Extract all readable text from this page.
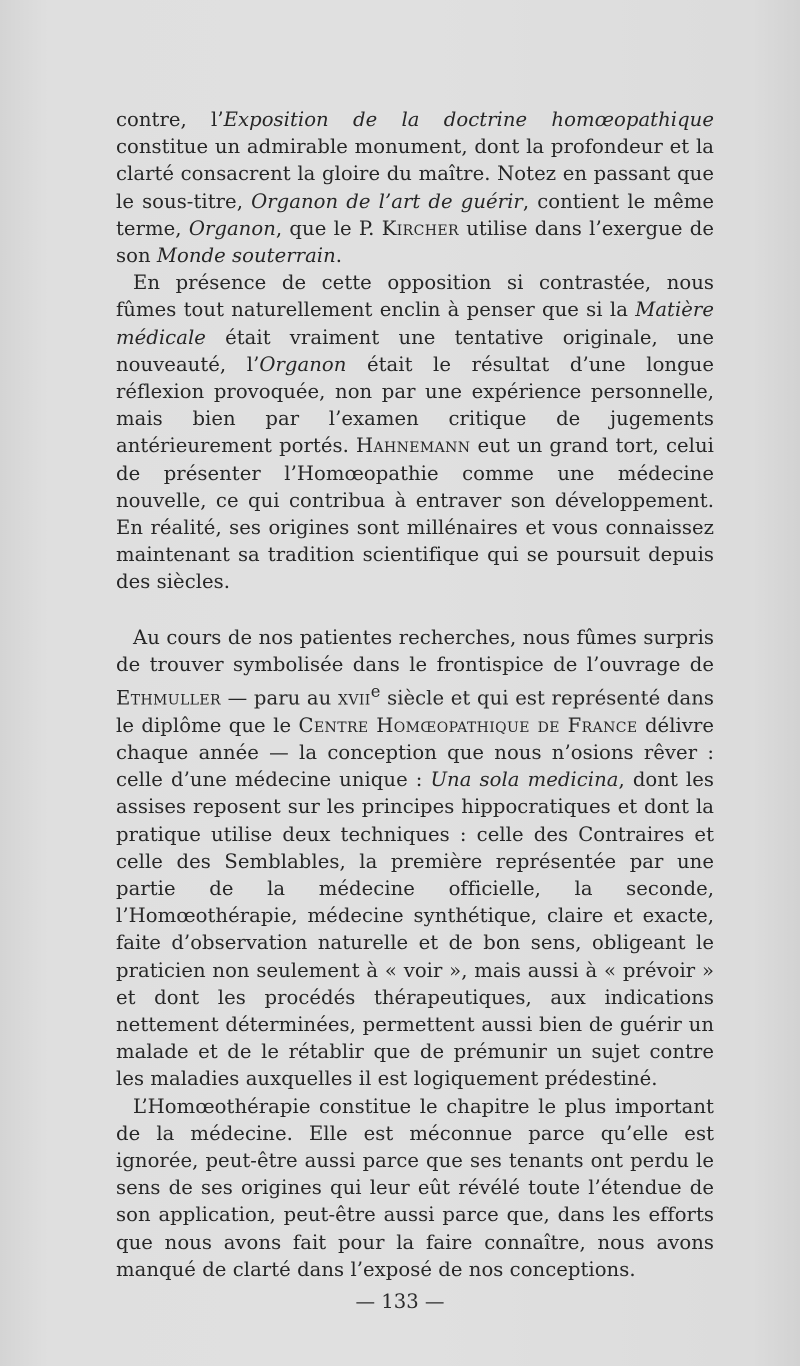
contre, l’Exposition de la doctrine homœopathique constitue un admirable monument, dont la profondeur et la clarté consacrent la gloire du maître. Notez en passant que le sous-titre, Organon de l’art de guérir, contient le même terme, Organon, que le P. Kircher utilise dans l’exergue de son Monde souterrain.

En présence de cette opposition si contrastée, nous fûmes tout naturellement enclin à penser que si la Matière médicale était vraiment une tentative originale, une nouveauté, l’Organon était le résultat d’une longue réflexion provoquée, non par une expérience personnelle, mais bien par l’examen critique de jugements antérieurement portés. Hahnemann eut un grand tort, celui de présenter l’Homœopathie comme une médecine nouvelle, ce qui contribua à entraver son développement. En réalité, ses origines sont millénaires et vous connaissez maintenant sa tradition scientifique qui se poursuit depuis des siècles.

Au cours de nos patientes recherches, nous fûmes surpris de trouver symbolisée dans le frontispice de l’ouvrage de Ethmuller — paru au xvii$^e$ siècle et qui est représenté dans le diplôme que le Centre Homœopathique de France délivre chaque année — la conception que nous n’osions rêver : celle d’une médecine unique : Una sola medicina, dont les assises reposent sur les principes hippocratiques et dont la pratique utilise deux techniques : celle des Contraires et celle des Semblables, la première représentée par une partie de la médecine officielle, la seconde, l’Homœothérapie, médecine synthétique, claire et exacte, faite d’observation naturelle et de bon sens, obligeant le praticien non seulement à « voir », mais aussi à « prévoir » et dont les procédés thérapeutiques, aux indications nettement déterminées, permettent aussi bien de guérir un malade et de le rétablir que de prémunir un sujet contre les maladies auxquelles il est logiquement prédestiné.

L’Homœothérapie constitue le chapitre le plus important de la médecine. Elle est méconnue parce qu’elle est ignorée, peut-être aussi parce que ses tenants ont perdu le sens de ses origines qui leur eût révélé toute l’étendue de son application, peut-être aussi parce que, dans les efforts que nous avons fait pour la faire connaître, nous avons manqué de clarté dans l’exposé de nos conceptions.

— 133 —
